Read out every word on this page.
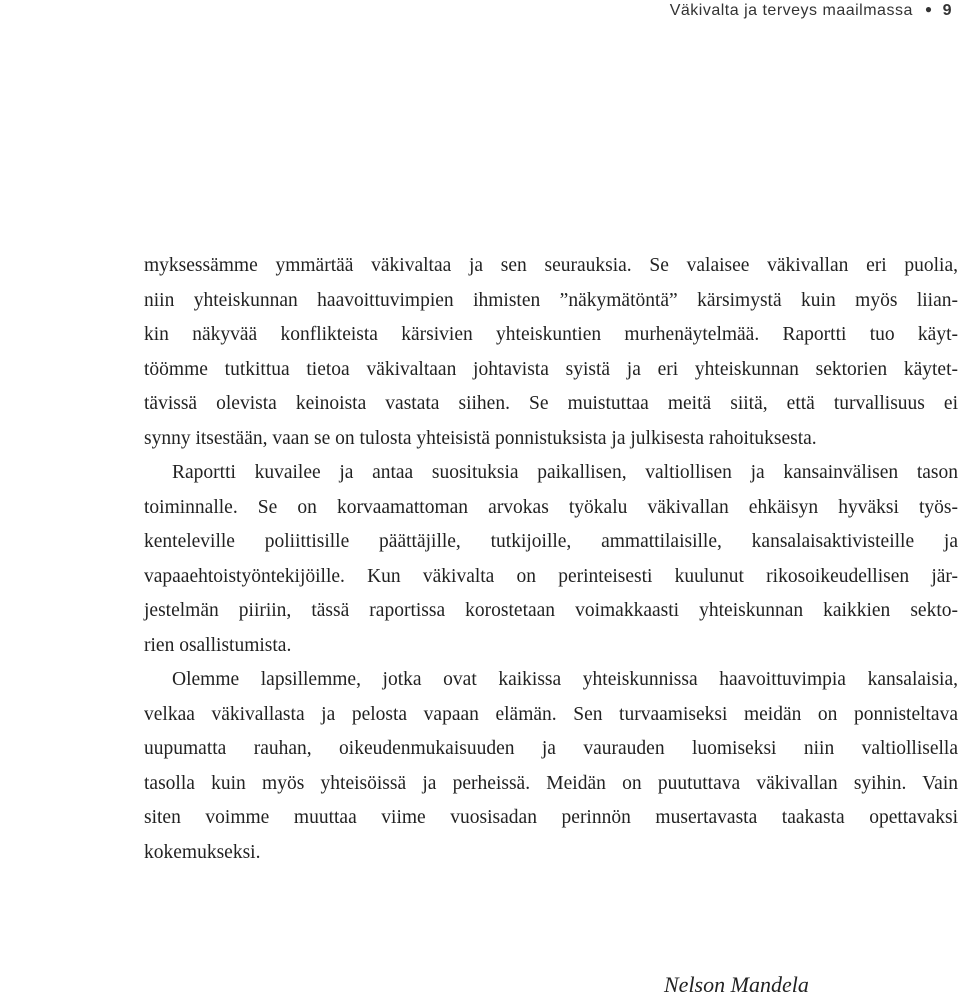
Väkivalta ja terveys maailmassa ● 9

myksessämme ymmärtää väkivaltaa ja sen seurauksia. Se valaisee väkivallan eri puolia,
niin yhteiskunnan haavoittuvimpien ihmisten ”näkymätöntä” kärsimystä kuin myös liian-
kin näkyvää konflikteista kärsivien yhteiskuntien murhenäytelmää. Raportti tuo käyt-
töömme tutkittua tietoa väkivaltaan johtavista syistä ja eri yhteiskunnan sektorien käytet-
tävissä olevista keinoista vastata siihen. Se muistuttaa meitä siitä, että turvallisuus ei
synny itsestään, vaan se on tulosta yhteisistä ponnistuksista ja julkisesta rahoituksesta.

Raportti kuvailee ja antaa suosituksia paikallisen, valtiollisen ja kansainvälisen tason
toiminnalle. Se on korvaamattoman arvokas työkalu väkivallan ehkäisyn hyväksi työs-
kenteleville poliittisille päättäjille, tutkijoille, ammattilaisille, kansalaisaktivisteille ja
vapaaehtoistyöntekijöille. Kun väkivalta on perinteisesti kuulunut rikosoikeudellisen jär-
jestelmän piiriin, tässä raportissa korostetaan voimakkaasti yhteiskunnan kaikkien sekto-
rien osallistumista.

Olemme lapsillemme, jotka ovat kaikissa yhteiskunnissa haavoittuvimpia kansalaisia,
velkaa väkivallasta ja pelosta vapaan elämän. Sen turvaamiseksi meidän on ponnisteltava
uupumatta rauhan, oikeudenmukaisuuden ja vaurauden luomiseksi niin valtiollisella
tasolla kuin myös yhteisöissä ja perheissä. Meidän on puututtava väkivallan syihin. Vain
siten voimme muuttaa viime vuosisadan perinnön musertavasta taakasta opettavaksi
kokemukseksi.

Nelson Mandela
